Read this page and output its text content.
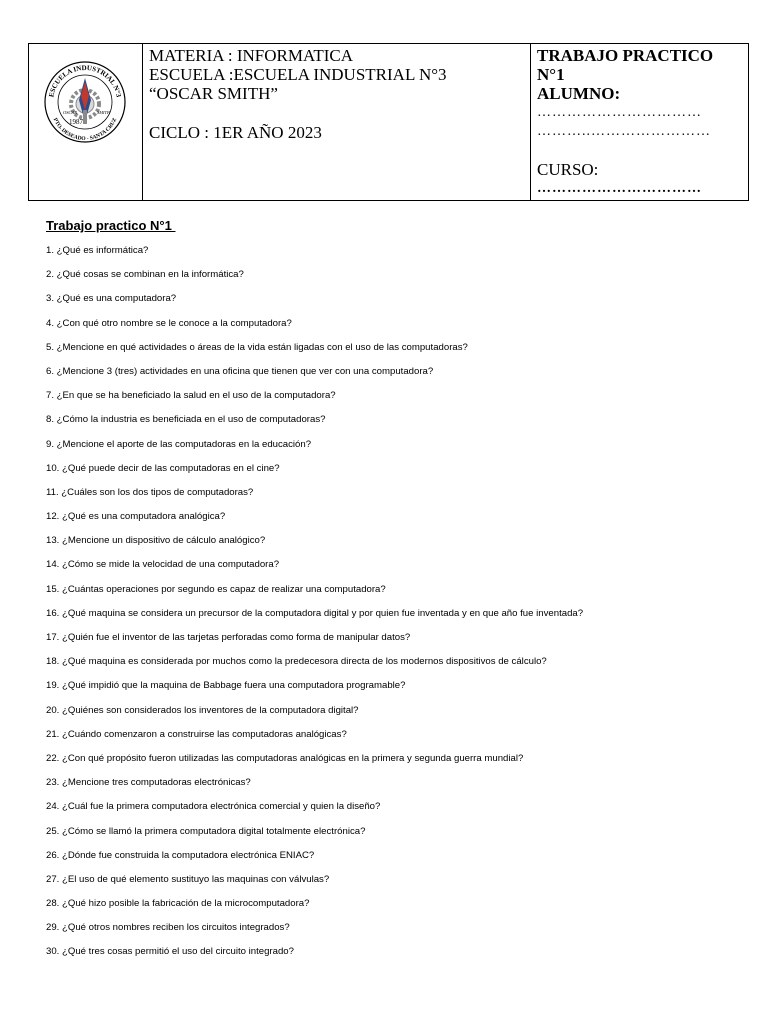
ESCUELA INDUSTRIAL N°3
PTO. DESEADO - SANTA CRUZ
OSCAR	SMITH
1987

MATERIA : INFORMATICA
ESCUELA :ESCUELA INDUSTRIAL N°3
“OSCAR SMITH”
CICLO : 1ER AÑO 2023

TRABAJO PRACTICO
N°1
ALUMNO:
……………………………
………..……………………
CURSO:
……………………………
Trabajo practico N°1
1. ¿Qué es informática?
2. ¿Qué cosas se combinan en la informática?
3. ¿Qué es una computadora?
4. ¿Con qué otro nombre se le conoce a la computadora?
5. ¿Mencione en qué actividades o áreas de la vida están ligadas con el uso de las computadoras?
6. ¿Mencione 3 (tres) actividades en una oficina que tienen que ver con una computadora?
7. ¿En que se ha beneficiado la salud en el uso de la computadora?
8. ¿Cómo la industria es beneficiada en el uso de computadoras?
9. ¿Mencione el aporte de las computadoras en la educación?
10. ¿Qué puede decir de las computadoras en el cine?
11. ¿Cuáles son los dos tipos de computadoras?
12. ¿Qué es una computadora analógica?
13. ¿Mencione un dispositivo de cálculo analógico?
14. ¿Cómo se mide la velocidad de una computadora?
15. ¿Cuántas operaciones por segundo es capaz de realizar una computadora?
16. ¿Qué maquina se considera un precursor de la computadora digital y por quien fue inventada y en que año fue inventada?
17. ¿Quién fue el inventor de las tarjetas perforadas como forma de manipular datos?
18. ¿Qué maquina es considerada por muchos como la predecesora directa de los modernos dispositivos de cálculo?
19. ¿Qué impidió que la maquina de Babbage fuera una computadora programable?
20. ¿Quiénes son considerados los inventores de la computadora digital?
21. ¿Cuándo comenzaron a construirse las computadoras analógicas?
22. ¿Con qué propósito fueron utilizadas las computadoras analógicas en la primera y segunda guerra mundial?
23. ¿Mencione tres computadoras electrónicas?
24. ¿Cuál fue la primera computadora electrónica comercial y quien la diseño?
25. ¿Cómo se llamó la primera computadora digital totalmente electrónica?
26. ¿Dónde fue construida la computadora electrónica ENIAC?
27. ¿El uso de qué elemento sustituyo las maquinas con válvulas?
28. ¿Qué hizo posible la fabricación de la microcomputadora?
29. ¿Qué otros nombres reciben los circuitos integrados?
30. ¿Qué tres cosas permitió el uso del circuito integrado?
